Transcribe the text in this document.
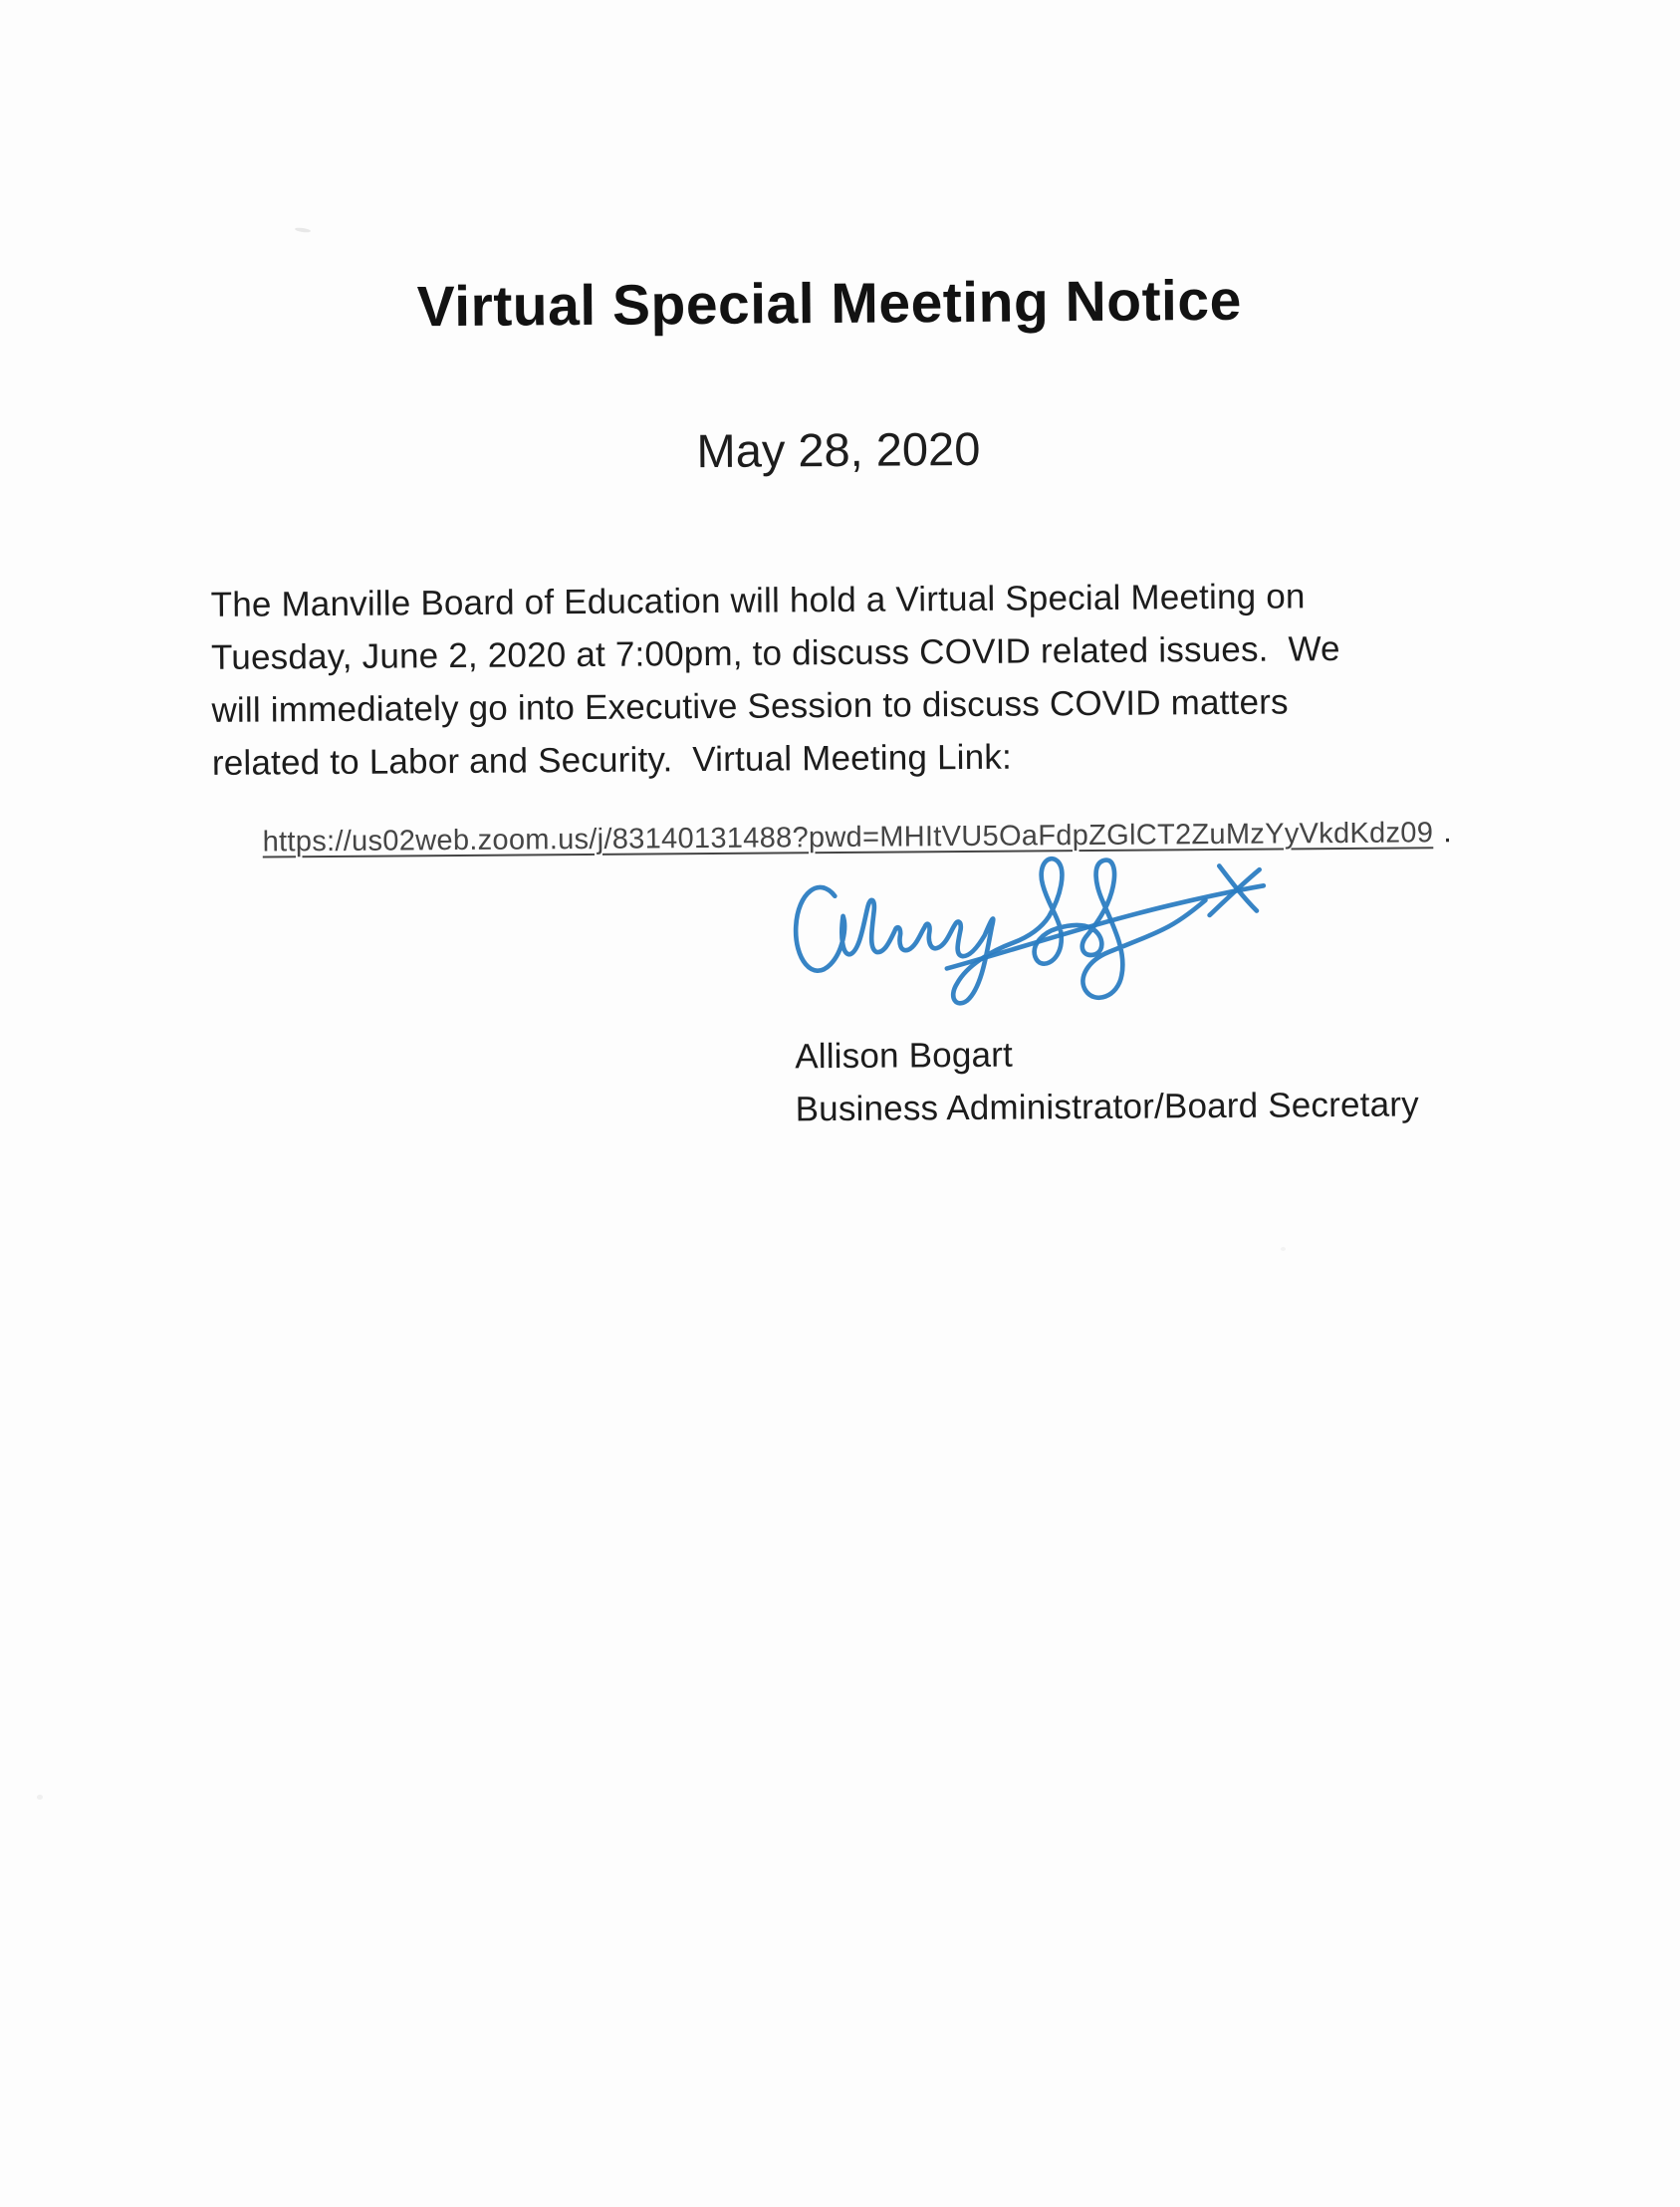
Virtual Special Meeting Notice
May 28, 2020
The Manville Board of Education will hold a Virtual Special Meeting on
Tuesday, June 2, 2020 at 7:00pm, to discuss COVID related issues.  We
will immediately go into Executive Session to discuss COVID matters
related to Labor and Security.  Virtual Meeting Link:

https://us02web.zoom.us/j/83140131488?pwd=MHItVU5OaFdpZGlCT2ZuMzYyVkdKdz09 .

Allison Bogart
Business Administrator/Board Secretary
